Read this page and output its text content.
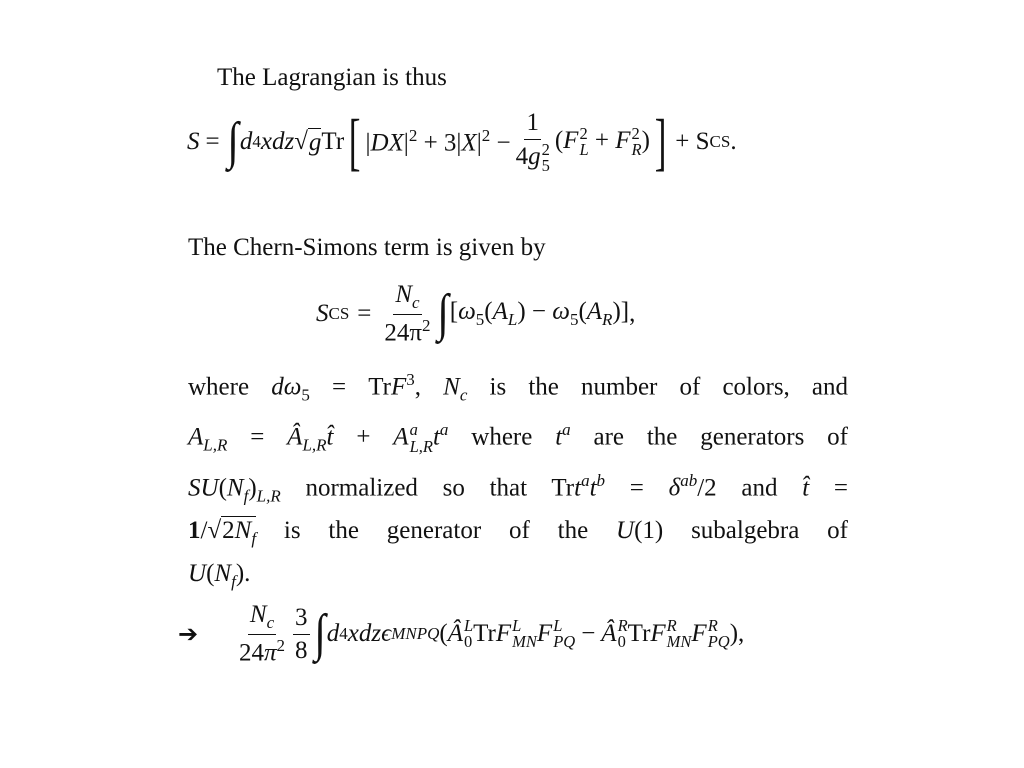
The Lagrangian is thus
S = ∫ d 4 xdz √ g Tr [ $|DX|^2 + 3|X|^2 - 1$
4g 2
5 (F 2
L + F 2
R ) ] + S CS .
The Chern-Simons term is given by
S CS = $\frac{N_c}{24\pi^2}$ ∫ $[\omega_5(A_L) - \omega_5(A_R)]$ ,
where $d\omega_5 = TrF^3$, $N_c$ is the number of colors, and
$A_{L,R}$ = $Â_{L,R}t̂ + A$ a
L,R $t^a$ where $t^a$ are the generators of
$SU(N_f)_{L,R}$ normalized so that $Trt^at^b = \delta^{ab}/2$ and t̂ =
$1/√2N_f$ is the generator of the U(1) subalgebra of
$U(N_f)$.
➔ $\frac{N_c}{24\pi^2} \frac{3}{8}$ ∫ d 4 xdzϵ MNPQ ( Â L
0 Tr F L
MN F L
PQ − Â R
0 Tr F R
MN F R
PQ ) ,
